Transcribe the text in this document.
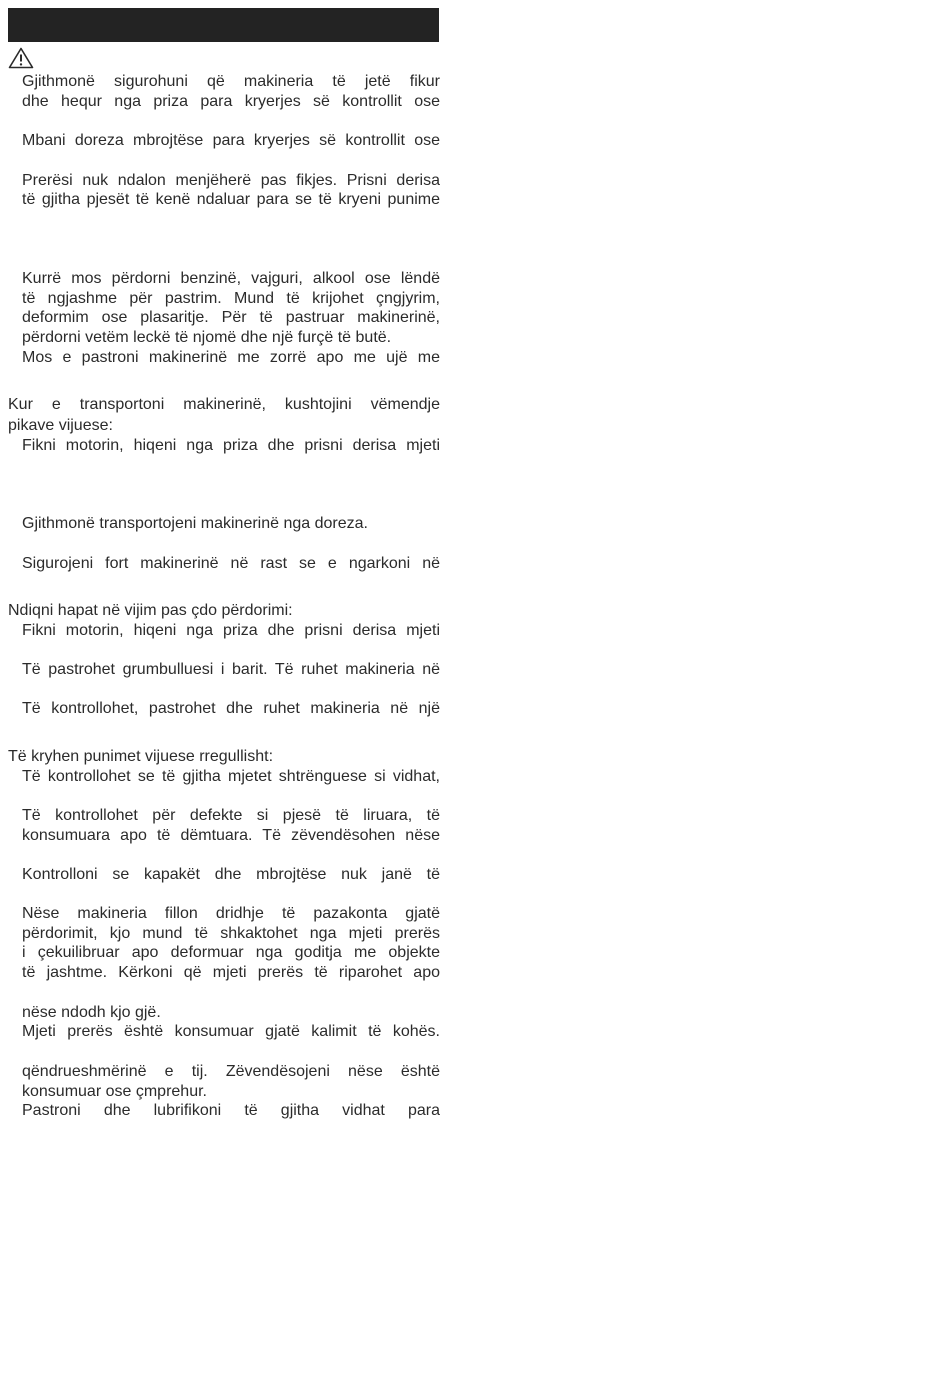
Gjithmonë sigurohuni që makineria të jetë fikur
dhe hequr nga priza para kryerjes së kontrollit ose
Mbani doreza mbrojtëse para kryerjes së kontrollit ose
Prerësi nuk ndalon menjëherë pas fikjes. Prisni derisa
të gjitha pjesët të kenë ndaluar para se të kryeni punime
Kurrë mos përdorni benzinë, vajguri, alkool ose lëndë
të ngjashme për pastrim. Mund të krijohet çngjyrim,
deformim ose plasaritje. Për të pastruar makinerinë,
përdorni vetëm leckë të njomë dhe një furçë të butë.
Mos e pastroni makinerinë me zorrë apo me ujë me
Kur e transportoni makinerinë, kushtojini vëmendje
pikave vijuese:
Fikni motorin, hiqeni nga priza dhe prisni derisa mjeti
Gjithmonë transportojeni makinerinë nga doreza.
Sigurojeni fort makinerinë në rast se e ngarkoni në
Ndiqni hapat në vijim pas çdo përdorimi:
Fikni motorin, hiqeni nga priza dhe prisni derisa mjeti
Të pastrohet grumbulluesi i barit. Të ruhet makineria në
Të kontrollohet, pastrohet dhe ruhet makineria në një
Të kryhen punimet vijuese rregullisht:
Të kontrollohet se të gjitha mjetet shtrënguese si vidhat,
Të kontrollohet për defekte si pjesë të liruara, të
konsumuara apo të dëmtuara. Të zëvendësohen nëse
Kontrolloni se kapakët dhe mbrojtëse nuk janë të
Nëse makineria fillon dridhje të pazakonta gjatë
përdorimit, kjo mund të shkaktohet nga mjeti prerës
i çekuilibruar apo deformuar nga goditja me objekte
të jashtme. Kërkoni që mjeti prerës të riparohet apo
nëse ndodh kjo gjë.
Mjeti prerës është konsumuar gjatë kalimit të kohës.
qëndrueshmërinë e tij. Zëvendësojeni nëse është
konsumuar ose çmprehur.
Pastroni dhe lubrifikoni të gjitha vidhat para
